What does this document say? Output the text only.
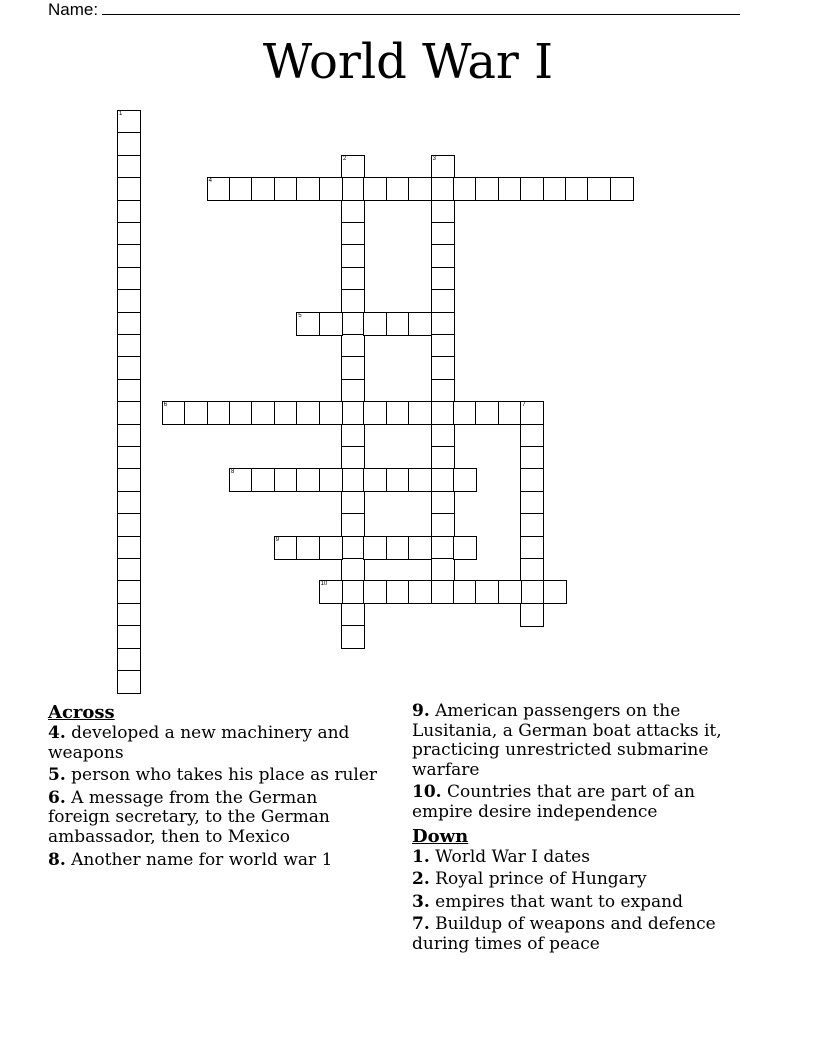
Name:
World War I
1
2	3
4
5
6	7
8
9
10
Across
4. developed a new machinery and weapons
5. person who takes his place as ruler
6. A message from the German foreign secretary, to the German ambassador, then to Mexico
8. Another name for world war 1
9. American passengers on the Lusitania, a German boat attacks it, practicing unrestricted submarine warfare
10. Countries that are part of an empire desire independence
Down
1. World War I dates
2. Royal prince of Hungary
3. empires that want to expand
7. Buildup of weapons and defence during times of peace
